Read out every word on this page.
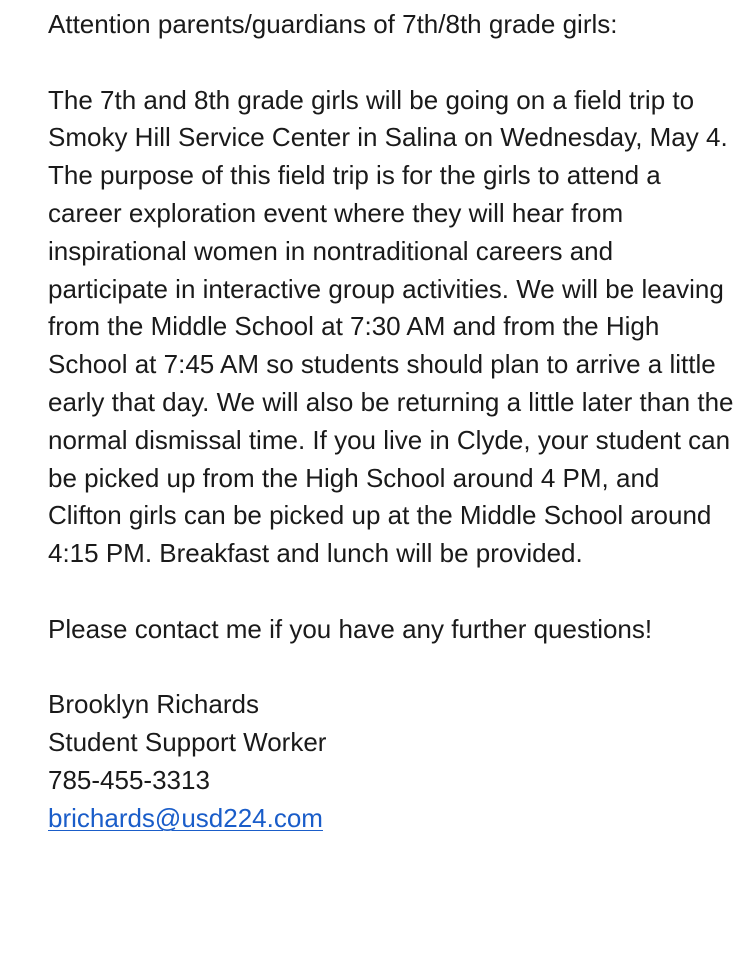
Attention parents/guardians of 7th/8th grade girls:

The 7th and 8th grade girls will be going on a field trip to Smoky Hill Service Center in Salina on Wednesday, May 4. The purpose of this field trip is for the girls to attend a career exploration event where they will hear from inspirational women in nontraditional careers and participate in interactive group activities. We will be leaving from the Middle School at 7:30 AM and from the High School at 7:45 AM so students should plan to arrive a little early that day. We will also be returning a little later than the normal dismissal time. If you live in Clyde, your student can be picked up from the High School around 4 PM, and Clifton girls can be picked up at the Middle School around 4:15 PM. Breakfast and lunch will be provided.

Please contact me if you have any further questions!

Brooklyn Richards

Student Support Worker

785-455-3313

brichards@usd224.com
